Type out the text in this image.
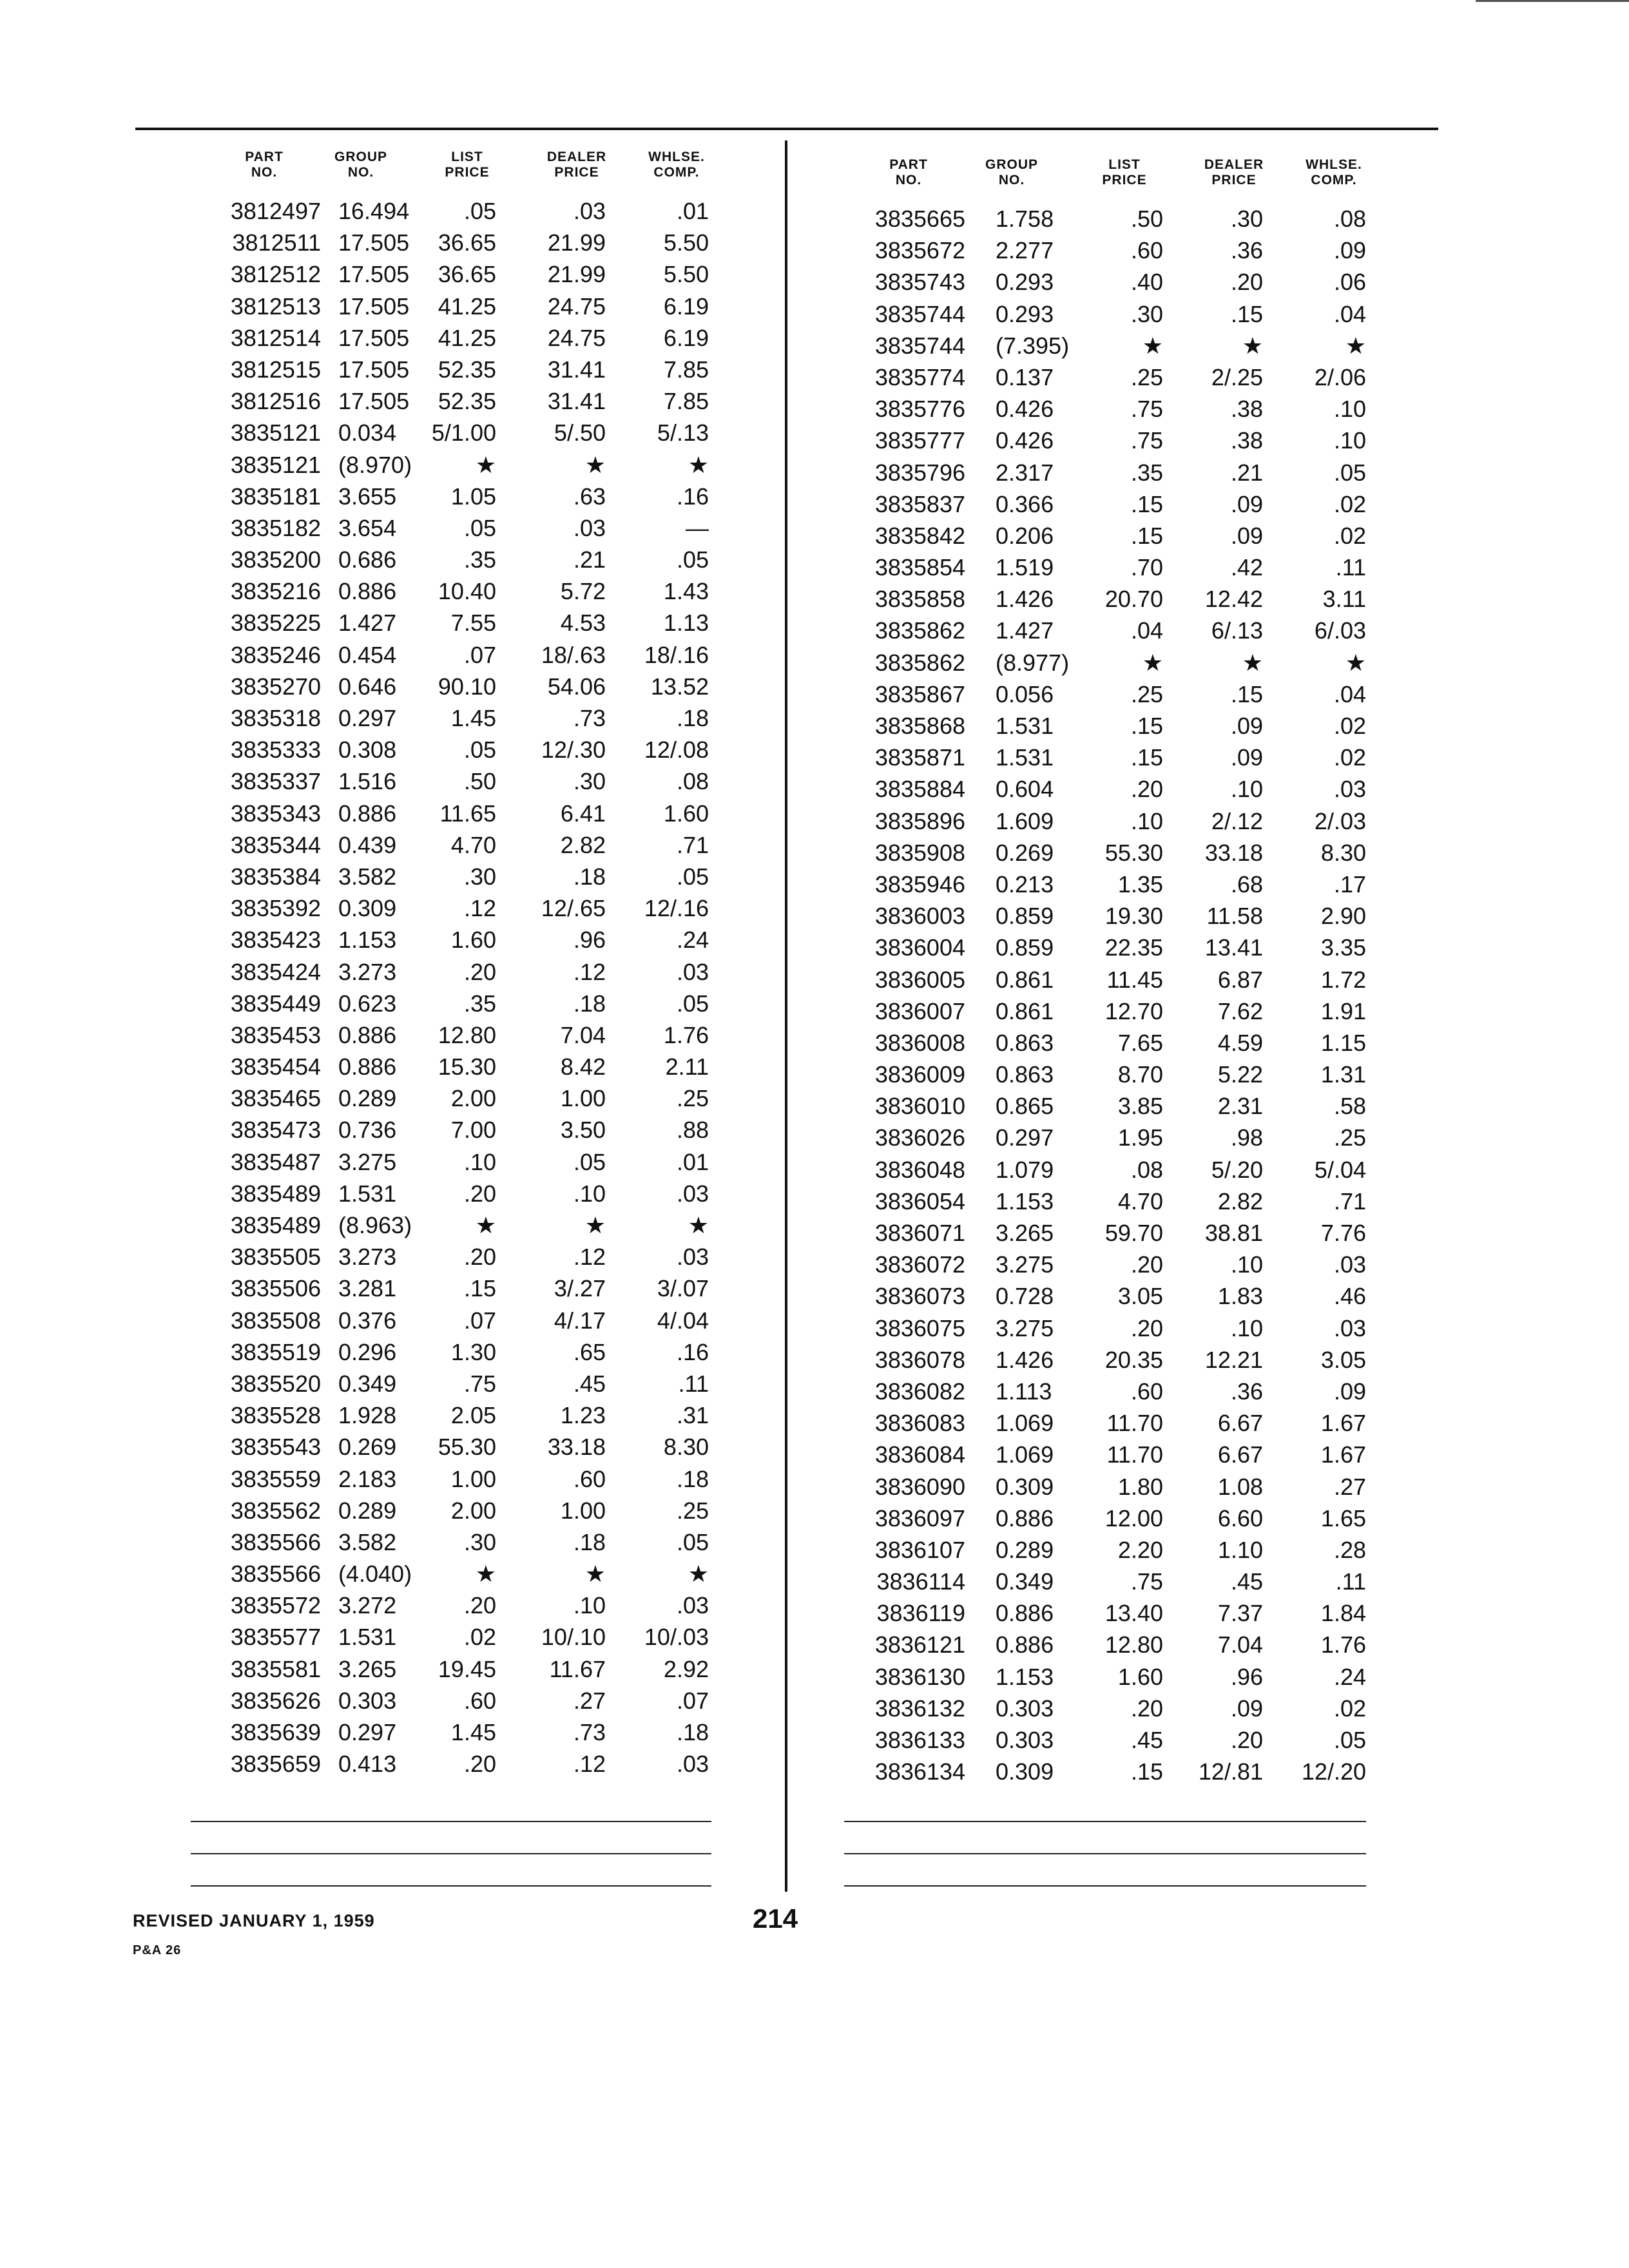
PART
NO.
GROUP
NO.
LIST
PRICE
DEALER
PRICE
WHLSE.
COMP.
3812497 16.494	.05	.03	.01
3812511 17.505	36.65	21.99	5.50
3812512 17.505	36.65	21.99	5.50
3812513 17.505	41.25	24.75	6.19
3812514 17.505	41.25	24.75	6.19
3812515 17.505	52.35	31.41	7.85
3812516 17.505	52.35	31.41	7.85
3835121 0.034	5/1.00	5/.50	5/.13
3835121 (8.970)	★	★	★
3835181 3.655	1.05	.63	.16
3835182 3.654	.05	.03	—
3835200 0.686	.35	.21	.05
3835216 0.886	10.40	5.72	1.43
3835225 1.427	7.55	4.53	1.13
3835246 0.454	.07	18/.63	18/.16
3835270 0.646	90.10	54.06	13.52
3835318 0.297	1.45	.73	.18
3835333 0.308	.05	12/.30	12/.08
3835337 1.516	.50	.30	.08
3835343 0.886	11.65	6.41	1.60
3835344 0.439	4.70	2.82	.71
3835384 3.582	.30	.18	.05
3835392 0.309	.12	12/.65	12/.16
3835423 1.153	1.60	.96	.24
3835424 3.273	.20	.12	.03
3835449 0.623	.35	.18	.05
3835453 0.886	12.80	7.04	1.76
3835454 0.886	15.30	8.42	2.11
3835465 0.289	2.00	1.00	.25
3835473 0.736	7.00	3.50	.88
3835487 3.275	.10	.05	.01
3835489 1.531	.20	.10	.03
3835489 (8.963)	★	★	★
3835505 3.273	.20	.12	.03
3835506 3.281	.15	3/.27	3/.07
3835508 0.376	.07	4/.17	4/.04
3835519 0.296	1.30	.65	.16
3835520 0.349	.75	.45	.11
3835528 1.928	2.05	1.23	.31
3835543 0.269	55.30	33.18	8.30
3835559 2.183	1.00	.60	.18
3835562 0.289	2.00	1.00	.25
3835566 3.582	.30	.18	.05
3835566 (4.040)	★	★	★
3835572 3.272	.20	.10	.03
3835577 1.531	.02	10/.10	10/.03
3835581 3.265	19.45	11.67	2.92
3835626 0.303	.60	.27	.07
3835639 0.297	1.45	.73	.18
3835659 0.413	.20	.12	.03
PART
NO.
GROUP
NO.
LIST
PRICE
DEALER
PRICE
WHLSE.
COMP.
3835665 1.758	.50	.30	.08
3835672 2.277	.60	.36	.09
3835743 0.293	.40	.20	.06
3835744 0.293	.30	.15	.04
3835744 (7.395)	★	★	★
3835774 0.137	.25	2/.25	2/.06
3835776 0.426	.75	.38	.10
3835777 0.426	.75	.38	.10
3835796 2.317	.35	.21	.05
3835837 0.366	.15	.09	.02
3835842 0.206	.15	.09	.02
3835854 1.519	.70	.42	.11
3835858 1.426	20.70	12.42	3.11
3835862 1.427	.04	6/.13	6/.03
3835862 (8.977)	★	★	★
3835867 0.056	.25	.15	.04
3835868 1.531	.15	.09	.02
3835871 1.531	.15	.09	.02
3835884 0.604	.20	.10	.03
3835896 1.609	.10	2/.12	2/.03
3835908 0.269	55.30	33.18	8.30
3835946 0.213	1.35	.68	.17
3836003 0.859	19.30	11.58	2.90
3836004 0.859	22.35	13.41	3.35
3836005 0.861	11.45	6.87	1.72
3836007 0.861	12.70	7.62	1.91
3836008 0.863	7.65	4.59	1.15
3836009 0.863	8.70	5.22	1.31
3836010 0.865	3.85	2.31	.58
3836026 0.297	1.95	.98	.25
3836048 1.079	.08	5/.20	5/.04
3836054 1.153	4.70	2.82	.71
3836071 3.265	59.70	38.81	7.76
3836072 3.275	.20	.10	.03
3836073 0.728	3.05	1.83	.46
3836075 3.275	.20	.10	.03
3836078 1.426	20.35	12.21	3.05
3836082 1.113	.60	.36	.09
3836083 1.069	11.70	6.67	1.67
3836084 1.069	11.70	6.67	1.67
3836090 0.309	1.80	1.08	.27
3836097 0.886	12.00	6.60	1.65
3836107 0.289	2.20	1.10	.28
3836114 0.349	.75	.45	.11
3836119 0.886	13.40	7.37	1.84
3836121 0.886	12.80	7.04	1.76
3836130 1.153	1.60	.96	.24
3836132 0.303	.20	.09	.02
3836133 0.303	.45	.20	.05
3836134 0.309	.15	12/.81	12/.20
REVISED JANUARY 1, 1959
P&A 26
214
